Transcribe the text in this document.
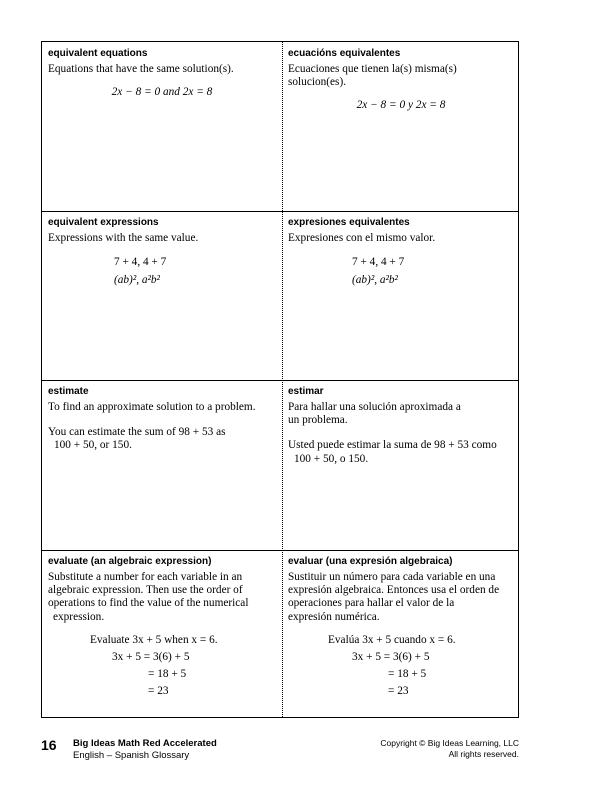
equivalent equations

Equations that have the same solution(s).

2x − 8 = 0 and 2x = 8

ecuacións equivalentes

Ecuaciones que tienen la(s) misma(s) solucion(es).

2x − 8 = 0 y 2x = 8

equivalent expressions

Expressions with the same value.

7 + 4, 4 + 7

(ab)², a²b²

expresiones equivalentes

Expresiones con el mismo valor.

7 + 4, 4 + 7

(ab)², a²b²

estimate

To find an approximate solution to a problem.

You can estimate the sum of 98 + 53 as

100 + 50, or 150.

estimar

Para hallar una solución aproximada a

un problema.

Usted puede estimar la suma de 98 + 53 como

100 + 50, o 150.

evaluate (an algebraic expression)

Substitute a number for each variable in an

algebraic expression. Then use the order of

operations to find the value of the numerical

expression.

Evaluate 3x + 5 when x = 6.

3x + 5 = 3(6) + 5

= 18 + 5

= 23

evaluar (una expresión algebraica)

Sustituir un número para cada variable en una

expresión algebraica. Entonces usa el orden de

operaciones para hallar el valor de la

expresión numérica.

Evalúa 3x + 5 cuando x = 6.

3x + 5 = 3(6) + 5

= 18 + 5

= 23

16 Big Ideas Math Red Accelerated
English – Spanish Glossary
Copyright © Big Ideas Learning, LLC
All rights reserved.
